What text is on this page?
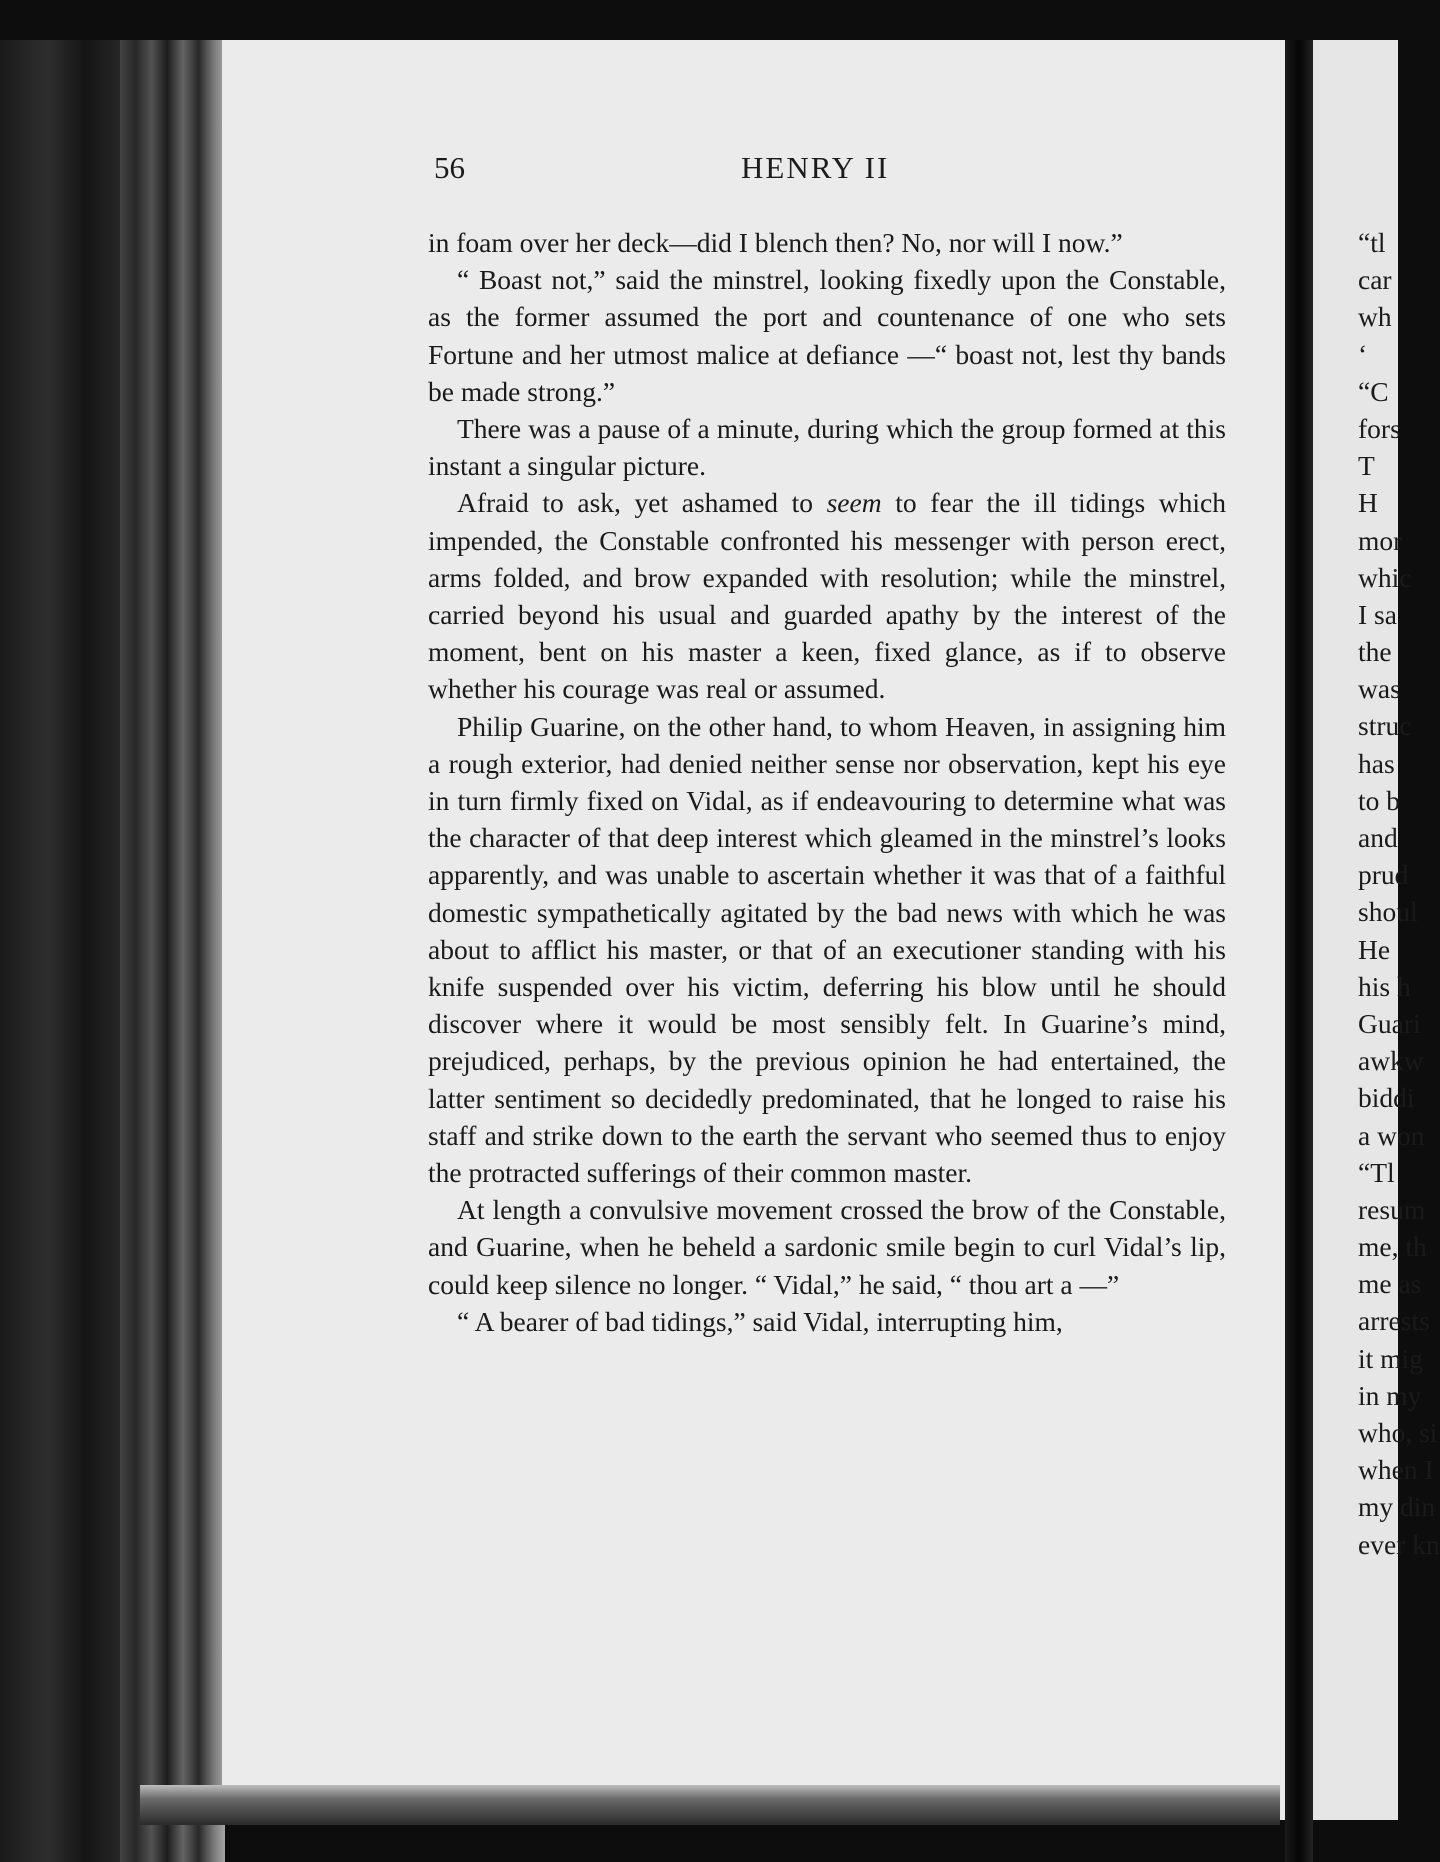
56	HENRY II

in foam over her deck—did I blench then? No, nor will I now.”

“ Boast not,” said the minstrel, looking fixedly upon the Constable, as the former assumed the port and countenance of one who sets Fortune and her utmost malice at defiance —“ boast not, lest thy bands be made strong.”

There was a pause of a minute, during which the group formed at this instant a singular picture.

Afraid to ask, yet ashamed to seem to fear the ill tidings which impended, the Constable confronted his messenger with person erect, arms folded, and brow expanded with resolution; while the minstrel, carried beyond his usual and guarded apathy by the interest of the moment, bent on his master a keen, fixed glance, as if to observe whether his courage was real or assumed.

Philip Guarine, on the other hand, to whom Heaven, in assigning him a rough exterior, had denied neither sense nor observation, kept his eye in turn firmly fixed on Vidal, as if endeavouring to determine what was the character of that deep interest which gleamed in the minstrel’s looks apparently, and was unable to ascertain whether it was that of a faithful domestic sympathetically agitated by the bad news with which he was about to afflict his master, or that of an executioner standing with his knife suspended over his victim, deferring his blow until he should discover where it would be most sensibly felt. In Guarine’s mind, prejudiced, perhaps, by the previous opinion he had entertained, the latter sentiment so decidedly predominated, that he longed to raise his staff and strike down to the earth the servant who seemed thus to enjoy the protracted sufferings of their common master.

At length a convulsive movement crossed the brow of the Constable, and Guarine, when he beheld a sardonic smile begin to curl Vidal’s lip, could keep silence no longer. “ Vidal,” he said, “ thou art a —”

“ A bearer of bad tidings,” said Vidal, interrupting him,

“tl
car
wh
‘
“C
fors
T
H
mor
whic
I sa
the
was
struc
has
to b
and
prud
shoul
He
his h
Guari
awkw
biddi
a won
“Tl
resum
me, th
me as
arrests
it mig
in my
who, si
when I
my din
ever kn
